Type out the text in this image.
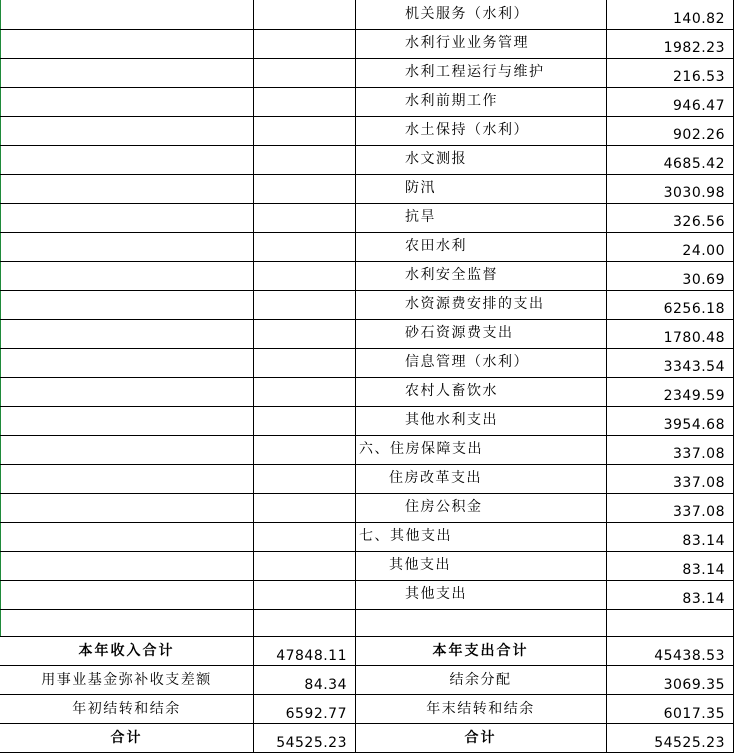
机关服务（水利）	140.82
水利行业业务管理	1982.23
水利工程运行与维护	216.53
水利前期工作	946.47
水土保持（水利）	902.26
水文测报	4685.42
防汛	3030.98
抗旱	326.56
农田水利	24.00
水利安全监督	30.69
水资源费安排的支出	6256.18
砂石资源费支出	1780.48
信息管理（水利）	3343.54
农村人畜饮水	2349.59
其他水利支出	3954.68
六、住房保障支出	337.08
住房改革支出	337.08
住房公积金	337.08
七、其他支出	83.14
其他支出	83.14
其他支出	83.14
本年收入合计	47848.11	本年支出合计	45438.53
用事业基金弥补收支差额	84.34	结余分配	3069.35
年初结转和结余	6592.77	年末结转和结余	6017.35
合计	54525.23	合计	54525.23
